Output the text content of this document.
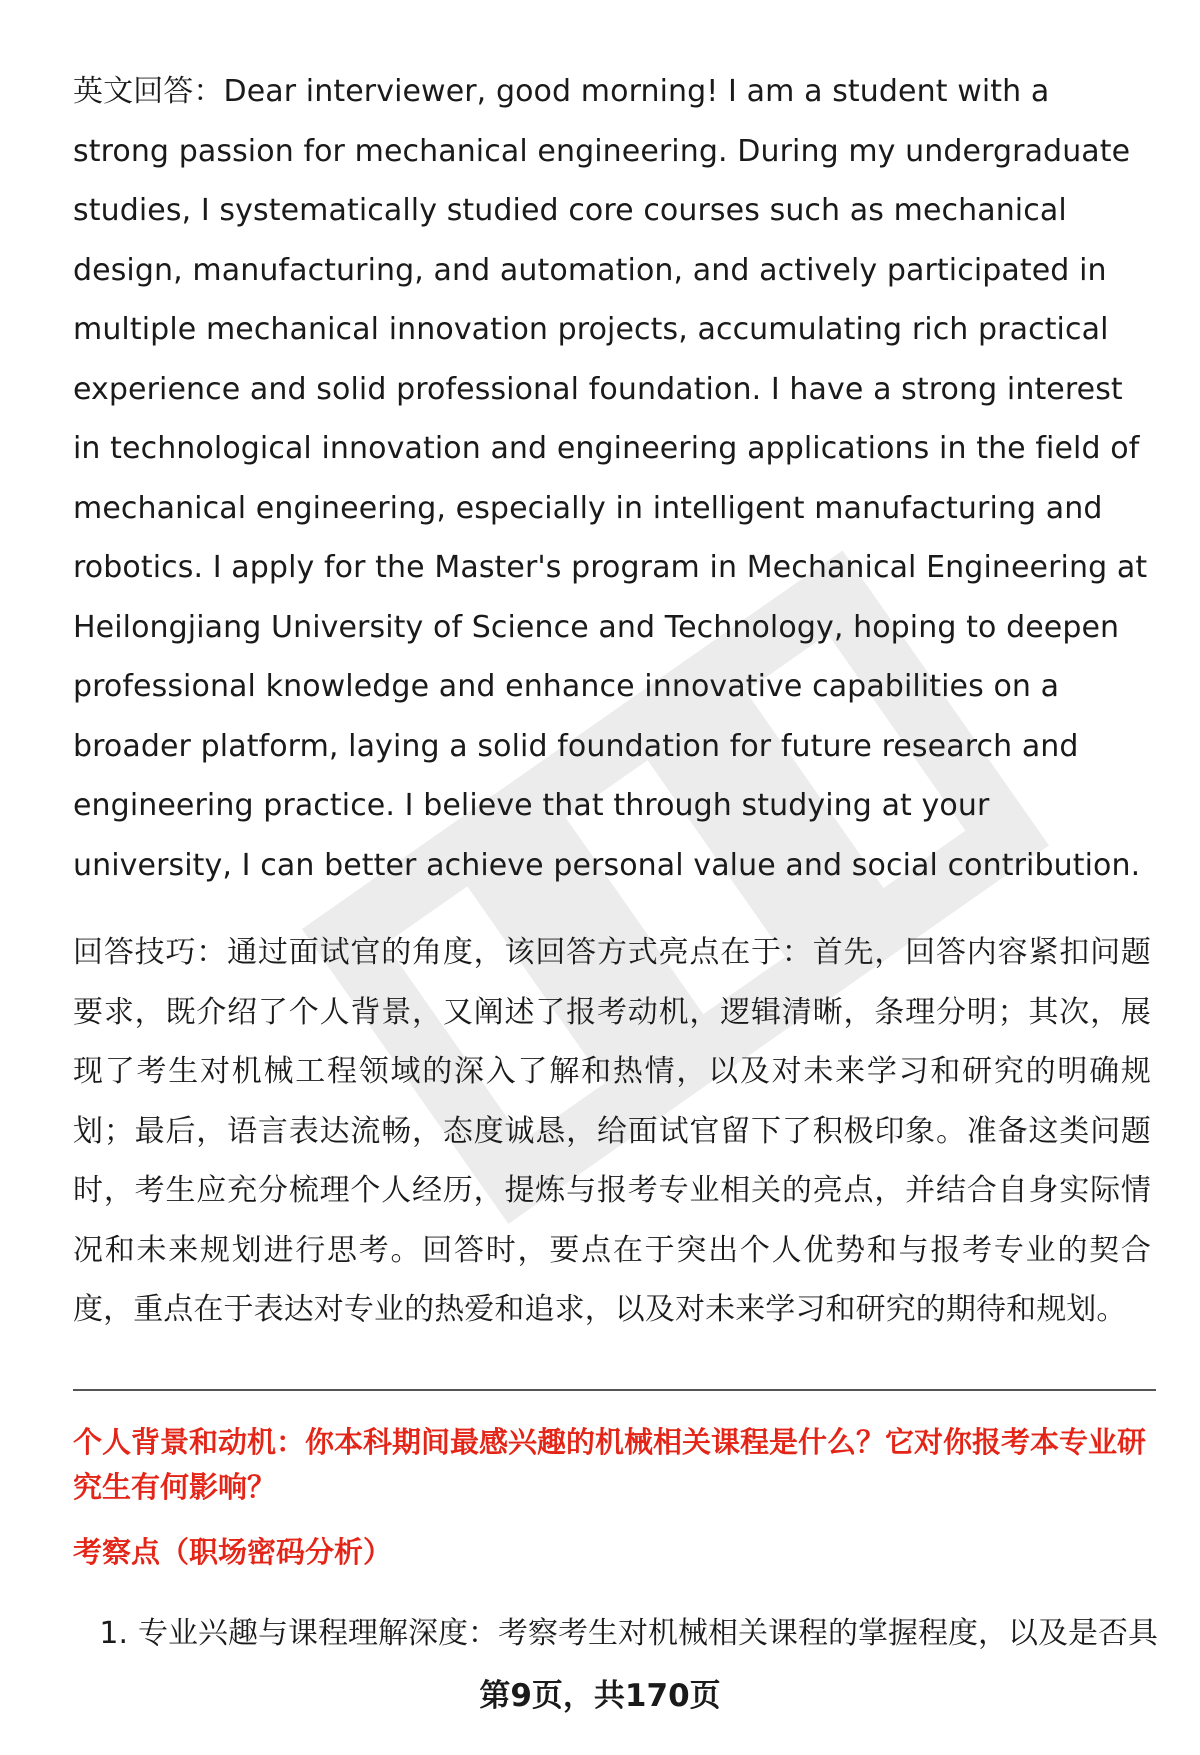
英文回答：Dear interviewer, good morning! I am a student with a strong passion for mechanical engineering. During my undergraduate studies, I systematically studied core courses such as mechanical design, manufacturing, and automation, and actively participated in multiple mechanical innovation projects, accumulating rich practical experience and solid professional foundation. I have a strong interest in technological innovation and engineering applications in the field of mechanical engineering, especially in intelligent manufacturing and robotics. I apply for the Master's program in Mechanical Engineering at Heilongjiang University of Science and Technology, hoping to deepen professional knowledge and enhance innovative capabilities on a broader platform, laying a solid foundation for future research and engineering practice. I believe that through studying at your university, I can better achieve personal value and social contribution.

回答技巧：通过面试官的角度，该回答方式亮点在于：首先，回答内容紧扣问题要求，既介绍了个人背景，又阐述了报考动机，逻辑清晰，条理分明；其次，展现了考生对机械工程领域的深入了解和热情，以及对未来学习和研究的明确规划；最后，语言表达流畅，态度诚恳，给面试官留下了积极印象。准备这类问题时，考生应充分梳理个人经历，提炼与报考专业相关的亮点，并结合自身实际情况和未来规划进行思考。回答时，要点在于突出个人优势和与报考专业的契合度，重点在于表达对专业的热爱和追求，以及对未来学习和研究的期待和规划。

个人背景和动机：你本科期间最感兴趣的机械相关课程是什么？它对你报考本专业研究生有何影响？

考察点（职场密码分析）

1. 专业兴趣与课程理解深度：考察考生对机械相关课程的掌握程度，以及是否具

第9页，共170页
